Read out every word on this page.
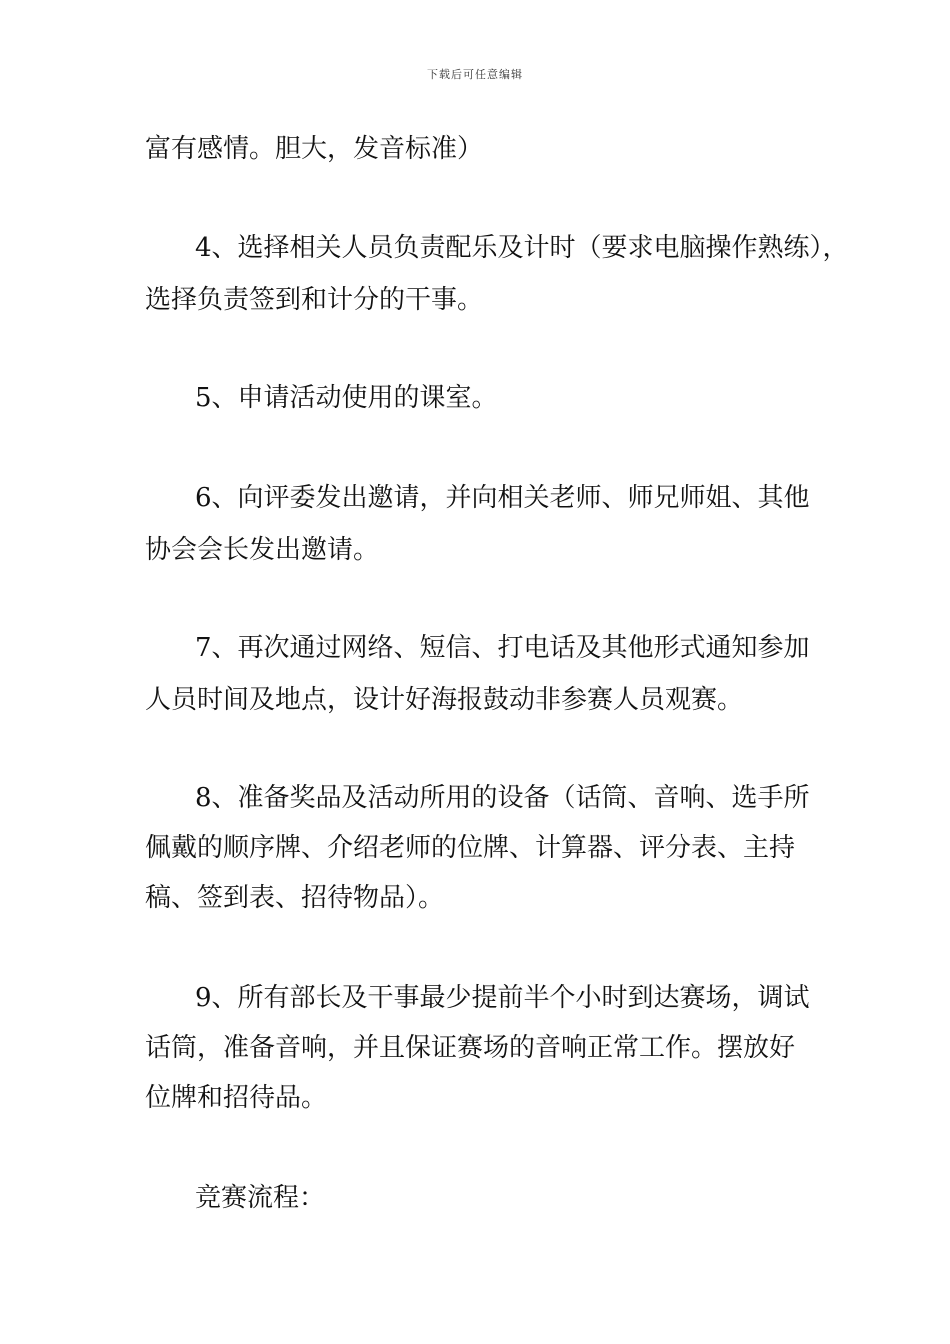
下载后可任意编辑
富有感情。胆大，发音标准）
4、选择相关人员负责配乐及计时（要求电脑操作熟练），
选择负责签到和计分的干事。
5、申请活动使用的课室。
6、向评委发出邀请，并向相关老师、师兄师姐、其他
协会会长发出邀请。
7、再次通过网络、短信、打电话及其他形式通知参加
人员时间及地点，设计好海报鼓动非参赛人员观赛。
8、准备奖品及活动所用的设备（话筒、音响、选手所
佩戴的顺序牌、介绍老师的位牌、计算器、评分表、主持
稿、签到表、招待物品）。
9、所有部长及干事最少提前半个小时到达赛场，调试
话筒，准备音响，并且保证赛场的音响正常工作。摆放好
位牌和招待品。
竞赛流程：
